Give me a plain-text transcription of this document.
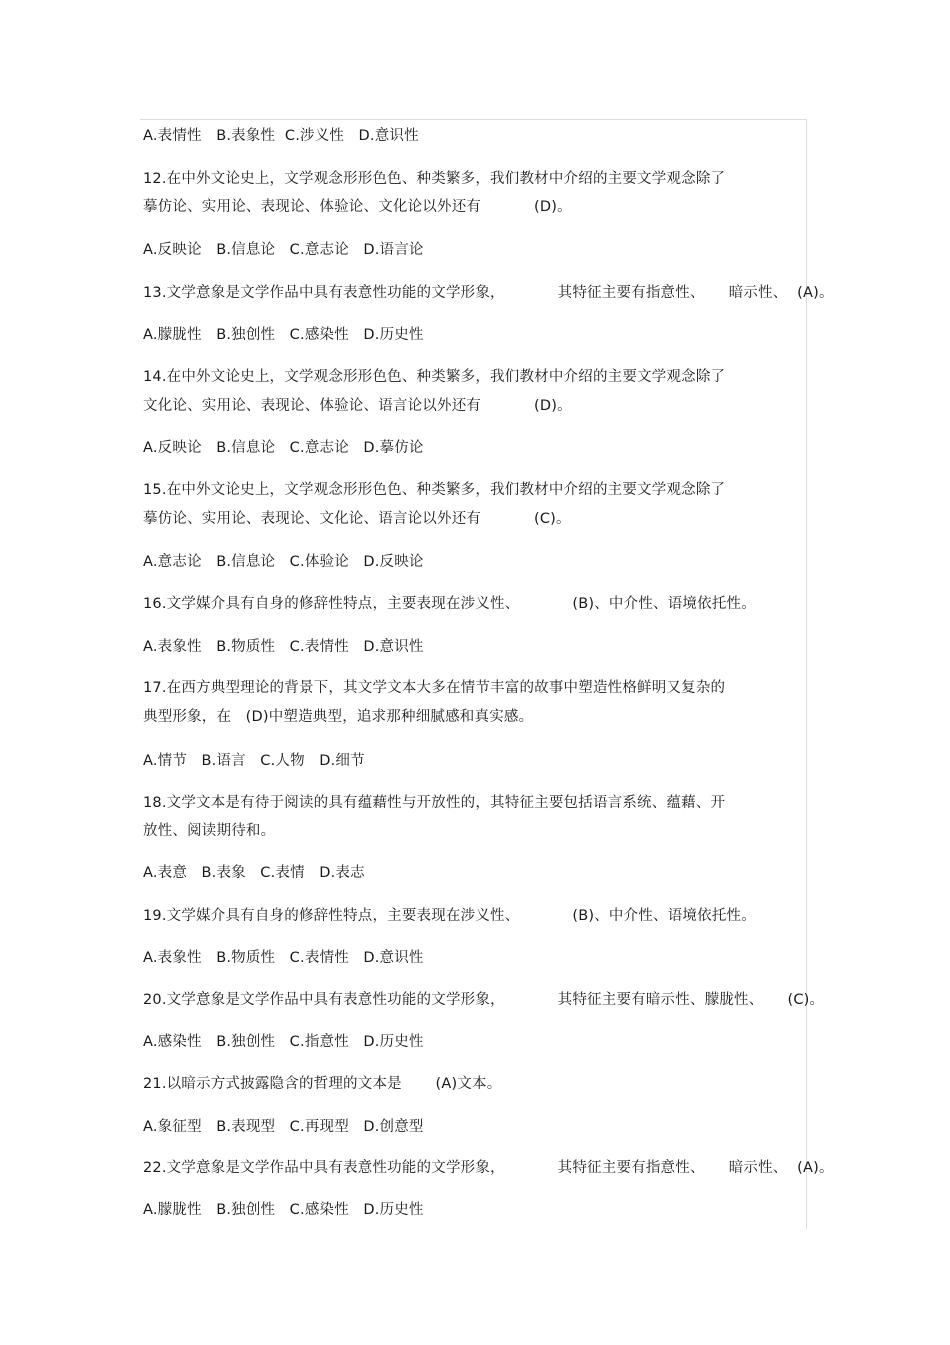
A.表情性   B.表象性  C.涉义性   D.意识性
12.在中外文论史上，文学观念形形色色、种类繁多，我们教材中介绍的主要文学观念除了
摹仿论、实用论、表现论、体验论、文化论以外还有           (D)。
A.反映论   B.信息论   C.意志论   D.语言论
13.文学意象是文学作品中具有表意性功能的文学形象，           其特征主要有指意性、     暗示性、  (A)。
A.朦胧性   B.独创性   C.感染性   D.历史性
14.在中外文论史上，文学观念形形色色、种类繁多，我们教材中介绍的主要文学观念除了
文化论、实用论、表现论、体验论、语言论以外还有           (D)。
A.反映论   B.信息论   C.意志论   D.摹仿论
15.在中外文论史上，文学观念形形色色、种类繁多，我们教材中介绍的主要文学观念除了
摹仿论、实用论、表现论、文化论、语言论以外还有           (C)。
A.意志论   B.信息论   C.体验论   D.反映论
16.文学媒介具有自身的修辞性特点，主要表现在涉义性、           (B)、中介性、语境依托性。
A.表象性   B.物质性   C.表情性   D.意识性
17.在西方典型理论的背景下，其文学文本大多在情节丰富的故事中塑造性格鲜明又复杂的
典型形象，在   (D)中塑造典型，追求那种细腻感和真实感。
A.情节   B.语言   C.人物   D.细节
18.文学文本是有待于阅读的具有蕴藉性与开放性的，其特征主要包括语言系统、蕴藉、开
放性、阅读期待和。
A.表意   B.表象   C.表情   D.表志
19.文学媒介具有自身的修辞性特点，主要表现在涉义性、           (B)、中介性、语境依托性。
A.表象性   B.物质性   C.表情性   D.意识性
20.文学意象是文学作品中具有表意性功能的文学形象，           其特征主要有暗示性、朦胧性、     (C)。
A.感染性   B.独创性   C.指意性   D.历史性
21.以暗示方式披露隐含的哲理的文本是       (A)文本。
A.象征型   B.表现型   C.再现型   D.创意型
22.文学意象是文学作品中具有表意性功能的文学形象，           其特征主要有指意性、     暗示性、  (A)。
A.朦胧性   B.独创性   C.感染性   D.历史性
